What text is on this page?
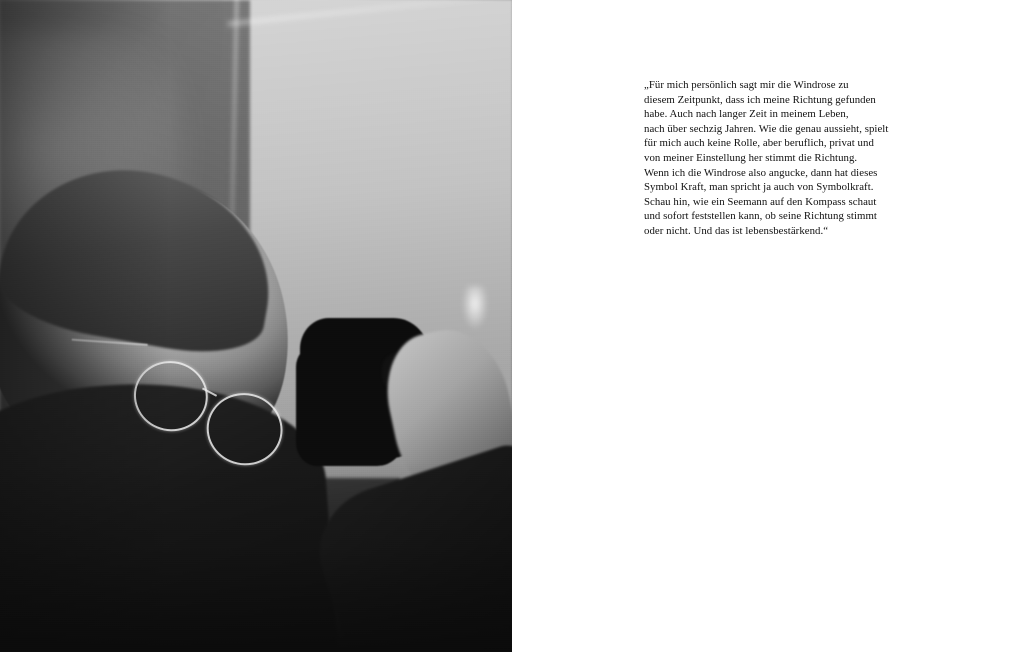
„Für mich persönlich sagt mir die Windrose zu
diesem Zeitpunkt, dass ich meine Richtung gefunden
habe. Auch nach langer Zeit in meinem Leben,
nach über sechzig Jahren. Wie die genau aussieht, spielt
für mich auch keine Rolle, aber beruflich, privat und
von meiner Einstellung her stimmt die Richtung.
Wenn ich die Windrose also angucke, dann hat dieses
Symbol Kraft, man spricht ja auch von Symbolkraft.
Schau hin, wie ein Seemann auf den Kompass schaut
und sofort feststellen kann, ob seine Richtung stimmt
oder nicht. Und das ist lebensbestärkend.“
